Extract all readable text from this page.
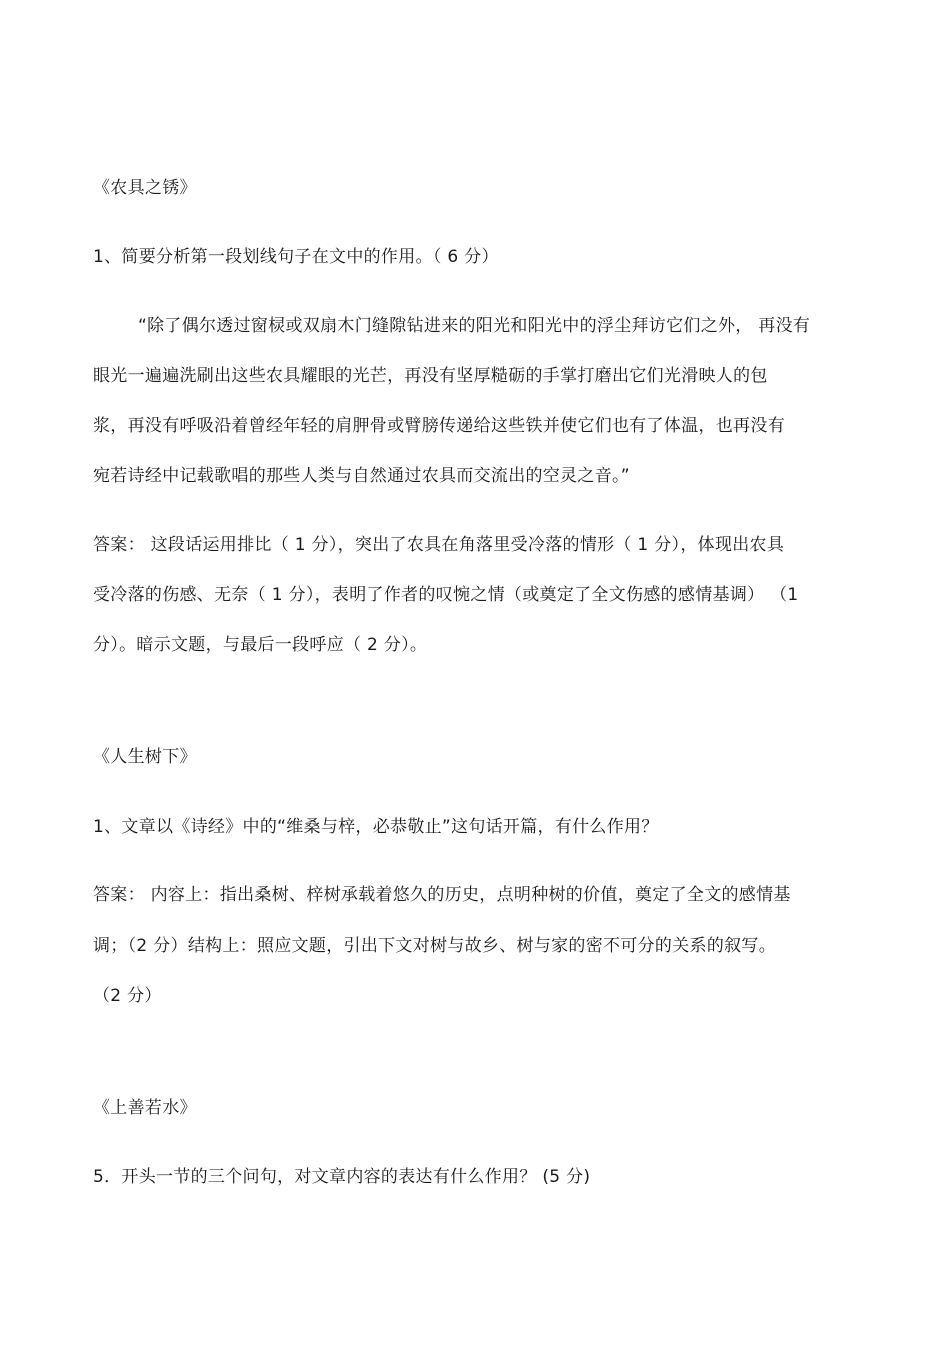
《农具之锈》
1、简要分析第一段划线句子在文中的作用。（ 6 分）
“除了偶尔透过窗棂或双扇木门缝隙钻进来的阳光和阳光中的浮尘拜访它们之外， 再没有
眼光一遍遍洗刷出这些农具耀眼的光芒，再没有坚厚糙砺的手掌打磨出它们光滑映人的包
浆，再没有呼吸沿着曾经年轻的肩胛骨或臂膀传递给这些铁并使它们也有了体温，也再没有
宛若诗经中记载歌唱的那些人类与自然通过农具而交流出的空灵之音。”
答案： 这段话运用排比（ 1 分），突出了农具在角落里受冷落的情形（ 1 分），体现出农具
受冷落的伤感、无奈（ 1 分），表明了作者的叹惋之情（或奠定了全文伤感的感情基调） （1
分）。暗示文题，与最后一段呼应（ 2 分）。
《人生树下》
1、文章以《诗经》中的“维桑与梓，必恭敬止”这句话开篇，有什么作用？
答案： 内容上：指出桑树、梓树承载着悠久的历史，点明种树的价值，奠定了全文的感情基
调；（2 分）结构上：照应文题，引出下文对树与故乡、树与家的密不可分的关系的叙写。
（2 分）
《上善若水》
5．开头一节的三个问句，对文章内容的表达有什么作用？ (5 分)
